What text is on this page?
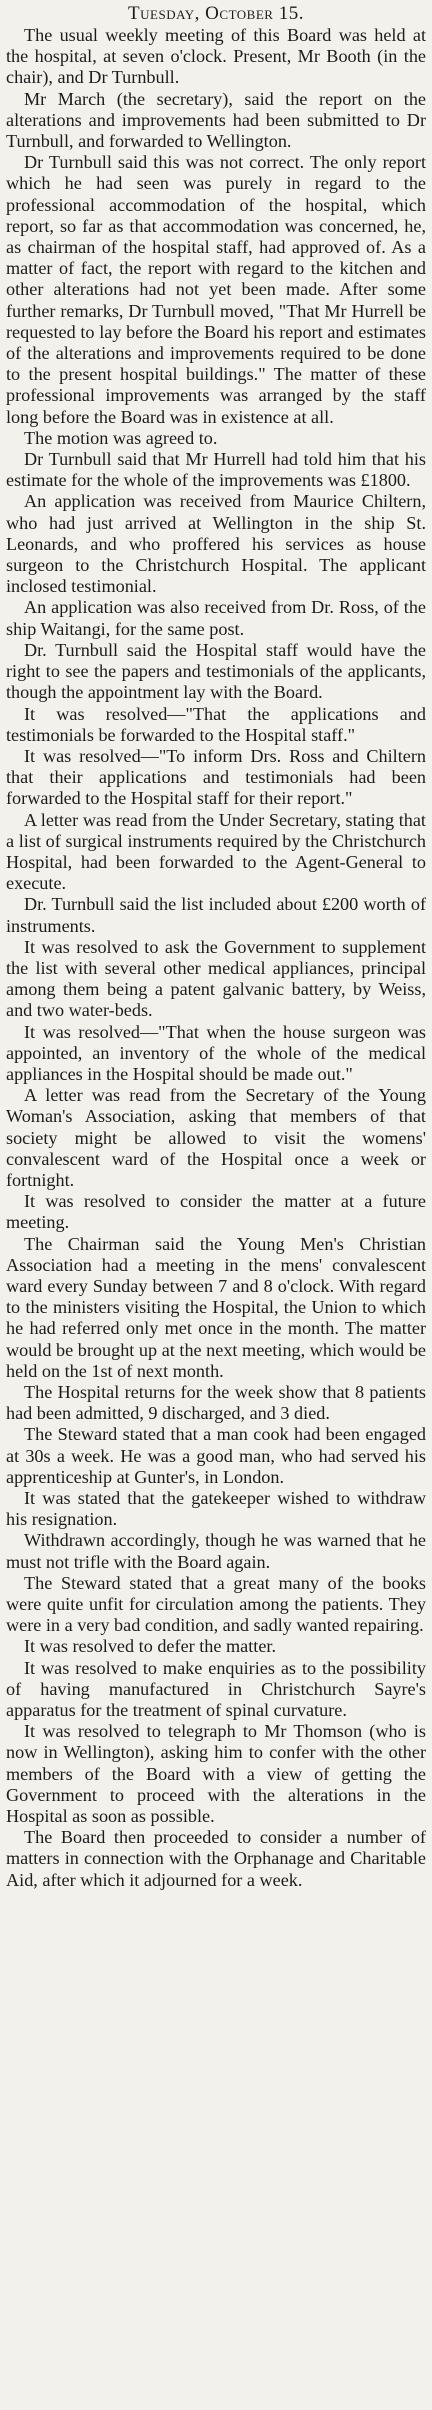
Tuesday, October 15.

The usual weekly meeting of this Board was held at the hospital, at seven o'clock. Present, Mr Booth (in the chair), and Dr Turnbull.

Mr March (the secretary), said the report on the alterations and improvements had been submitted to Dr Turnbull, and forwarded to Wellington.

Dr Turnbull said this was not correct. The only report which he had seen was purely in regard to the professional accommodation of the hospital, which report, so far as that accommodation was concerned, he, as chairman of the hospital staff, had approved of. As a matter of fact, the report with regard to the kitchen and other alterations had not yet been made. After some further remarks, Dr Turnbull moved, "That Mr Hurrell be requested to lay before the Board his report and estimates of the alterations and improvements required to be done to the present hospital buildings." The matter of these professional improvements was arranged by the staff long before the Board was in existence at all.

The motion was agreed to.

Dr Turnbull said that Mr Hurrell had told him that his estimate for the whole of the improvements was £1800.

An application was received from Maurice Chiltern, who had just arrived at Wellington in the ship St. Leonards, and who proffered his services as house surgeon to the Christchurch Hospital. The applicant inclosed testimonial.

An application was also received from Dr. Ross, of the ship Waitangi, for the same post.

Dr. Turnbull said the Hospital staff would have the right to see the papers and testimonials of the applicants, though the appointment lay with the Board.

It was resolved—"That the applications and testimonials be forwarded to the Hospital staff."

It was resolved—"To inform Drs. Ross and Chiltern that their applications and testimonials had been forwarded to the Hospital staff for their report."

A letter was read from the Under Secretary, stating that a list of surgical instruments required by the Christchurch Hospital, had been forwarded to the Agent-General to execute.

Dr. Turnbull said the list included about £200 worth of instruments.

It was resolved to ask the Government to supplement the list with several other medical appliances, principal among them being a patent galvanic battery, by Weiss, and two water-beds.

It was resolved—"That when the house surgeon was appointed, an inventory of the whole of the medical appliances in the Hospital should be made out."

A letter was read from the Secretary of the Young Woman's Association, asking that members of that society might be allowed to visit the womens' convalescent ward of the Hospital once a week or fortnight.

It was resolved to consider the matter at a future meeting.

The Chairman said the Young Men's Christian Association had a meeting in the mens' convalescent ward every Sunday between 7 and 8 o'clock. With regard to the ministers visiting the Hospital, the Union to which he had referred only met once in the month. The matter would be brought up at the next meeting, which would be held on the 1st of next month.

The Hospital returns for the week show that 8 patients had been admitted, 9 discharged, and 3 died.

The Steward stated that a man cook had been engaged at 30s a week. He was a good man, who had served his apprenticeship at Gunter's, in London.

It was stated that the gatekeeper wished to withdraw his resignation.

Withdrawn accordingly, though he was warned that he must not trifle with the Board again.

The Steward stated that a great many of the books were quite unfit for circulation among the patients. They were in a very bad condition, and sadly wanted repairing.

It was resolved to defer the matter.

It was resolved to make enquiries as to the possibility of having manufactured in Christchurch Sayre's apparatus for the treatment of spinal curvature.

It was resolved to telegraph to Mr Thomson (who is now in Wellington), asking him to confer with the other members of the Board with a view of getting the Government to proceed with the alterations in the Hospital as soon as possible.

The Board then proceeded to consider a number of matters in connection with the Orphanage and Charitable Aid, after which it adjourned for a week.
